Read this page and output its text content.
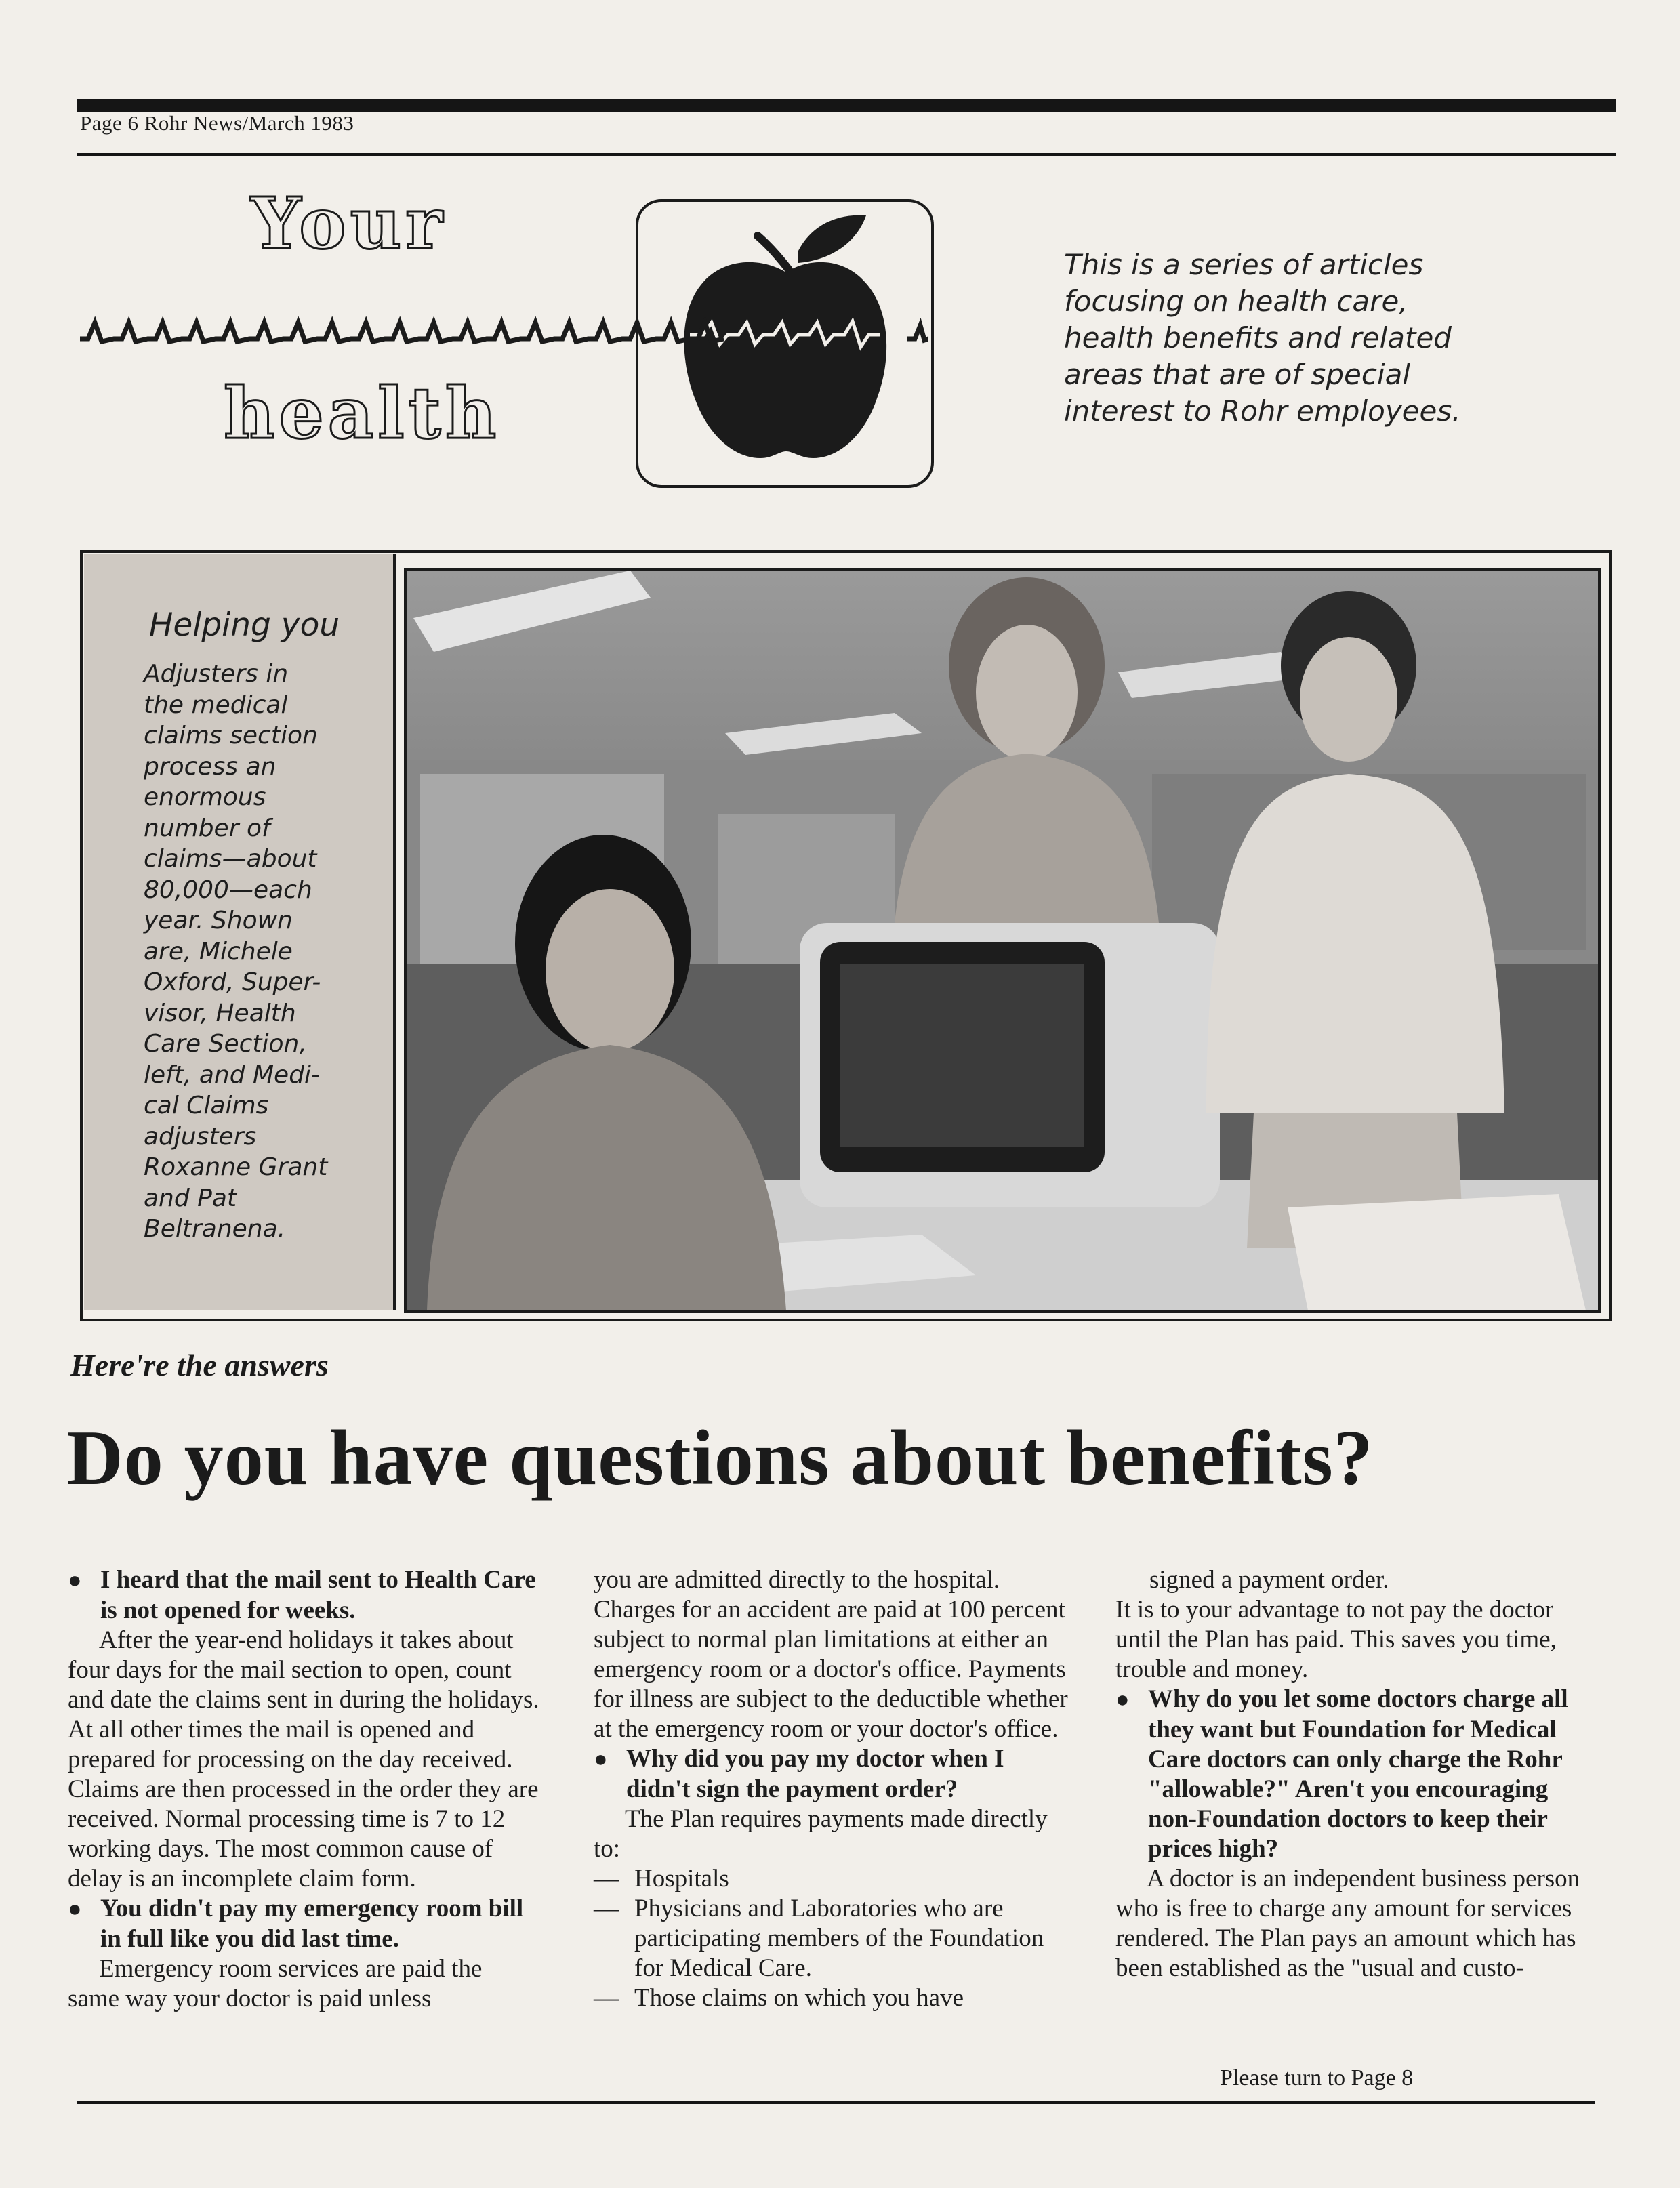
Page 6 Rohr News/March 1983
Your
health
This is a series of articles focusing on health care, health benefits and related areas that are of special interest to Rohr employees.
Helping you
Adjusters in
the medical
claims section
process an
enormous
number of
claims—about
80,000—each
year. Shown
are, Michele
Oxford, Super-
visor, Health
Care Section,
left, and Medi-
cal Claims
adjusters
Roxanne Grant
and Pat
Beltranena.
Here're the answers
Do you have questions about benefits?

● I heard that the mail sent to Health Care is not opened for weeks.

After the year-end holidays it takes about four days for the mail section to open, count and date the claims sent in during the holidays. At all other times the mail is opened and prepared for processing on the day received. Claims are then processed in the order they are received. Normal processing time is 7 to 12 working days. The most common cause of delay is an incomplete claim form.

● You didn't pay my emergency room bill in full like you did last time.

Emergency room services are paid the same way your doctor is paid unless

you are admitted directly to the hospital. Charges for an accident are paid at 100 percent subject to normal plan limitations at either an emergency room or a doctor's office. Payments for illness are subject to the deductible whether at the emergency room or your doctor's office.

● Why did you pay my doctor when I didn't sign the payment order?

The Plan requires payments made directly to:

— Hospitals

— Physicians and Laboratories who are participating members of the Foundation for Medical Care.

— Those claims on which you have

signed a payment order.

It is to your advantage to not pay the doctor until the Plan has paid. This saves you time, trouble and money.

● Why do you let some doctors charge all they want but Foundation for Medical Care doctors can only charge the Rohr "allowable?" Aren't you encouraging non-Foundation doctors to keep their prices high?

A doctor is an independent business person who is free to charge any amount for services rendered. The Plan pays an amount which has been established as the "usual and custo-

Please turn to Page 8
